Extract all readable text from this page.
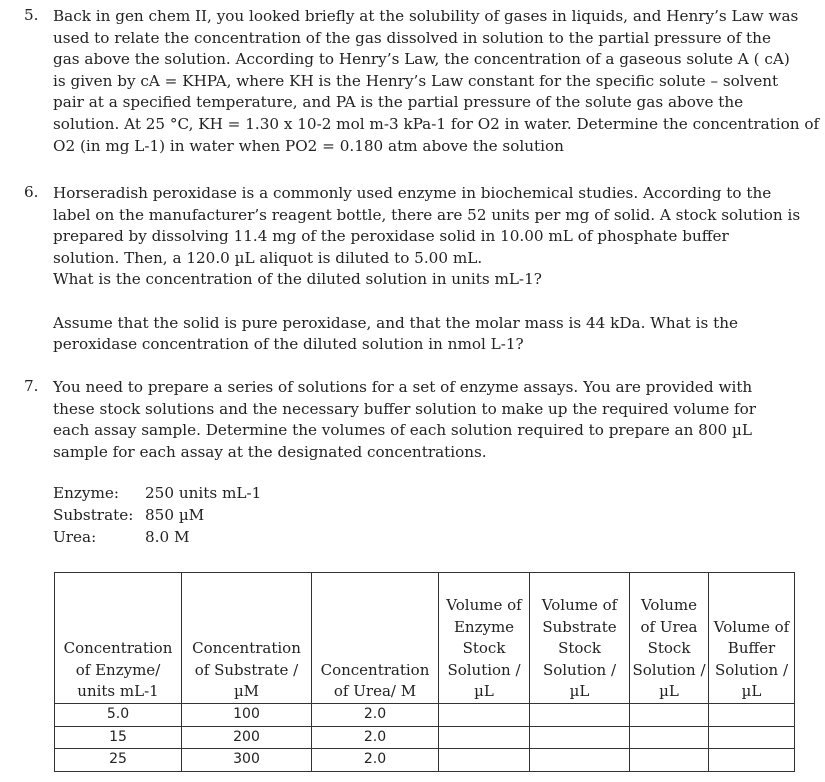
5. Back in gen chem II, you looked briefly at the solubility of gases in liquids, and Henry’s Law was
used to relate the concentration of the gas dissolved in solution to the partial pressure of the
gas above the solution. According to Henry’s Law, the concentration of a gaseous solute A ( cA)
is given by cA = KHPA, where KH is the Henry’s Law constant for the specific solute – solvent
pair at a specified temperature, and PA is the partial pressure of the solute gas above the
solution. At 25 °C, KH = 1.30 x 10-2 mol m-3 kPa-1 for O2 in water. Determine the concentration of
O2 (in mg L-1) in water when PO2 = 0.180 atm above the solution
6. Horseradish peroxidase is a commonly used enzyme in biochemical studies. According to the
label on the manufacturer’s reagent bottle, there are 52 units per mg of solid. A stock solution is
prepared by dissolving 11.4 mg of the peroxidase solid in 10.00 mL of phosphate buffer
solution. Then, a 120.0 µL aliquot is diluted to 5.00 mL.
What is the concentration of the diluted solution in units mL-1?
Assume that the solid is pure peroxidase, and that the molar mass is 44 kDa. What is the
peroxidase concentration of the diluted solution in nmol L-1?
7. You need to prepare a series of solutions for a set of enzyme assays. You are provided with
these stock solutions and the necessary buffer solution to make up the required volume for
each assay sample. Determine the volumes of each solution required to prepare an 800 µL
sample for each assay at the designated concentrations.
Enzyme:	250 units mL-1
Substrate: 850 µM
Urea:	8.0 M
Concentration of Enzyme/ units mL-1	Concentration of Substrate / µM	Concentration of Urea/ M	Volume of Enzyme Stock Solution / µL	Volume of Substrate Stock Solution / µL	Volume of Urea Stock Solution / µL	Volume of Buffer Solution / µL
5.0	100	2.0				
15	200	2.0				
25	300	2.0				
